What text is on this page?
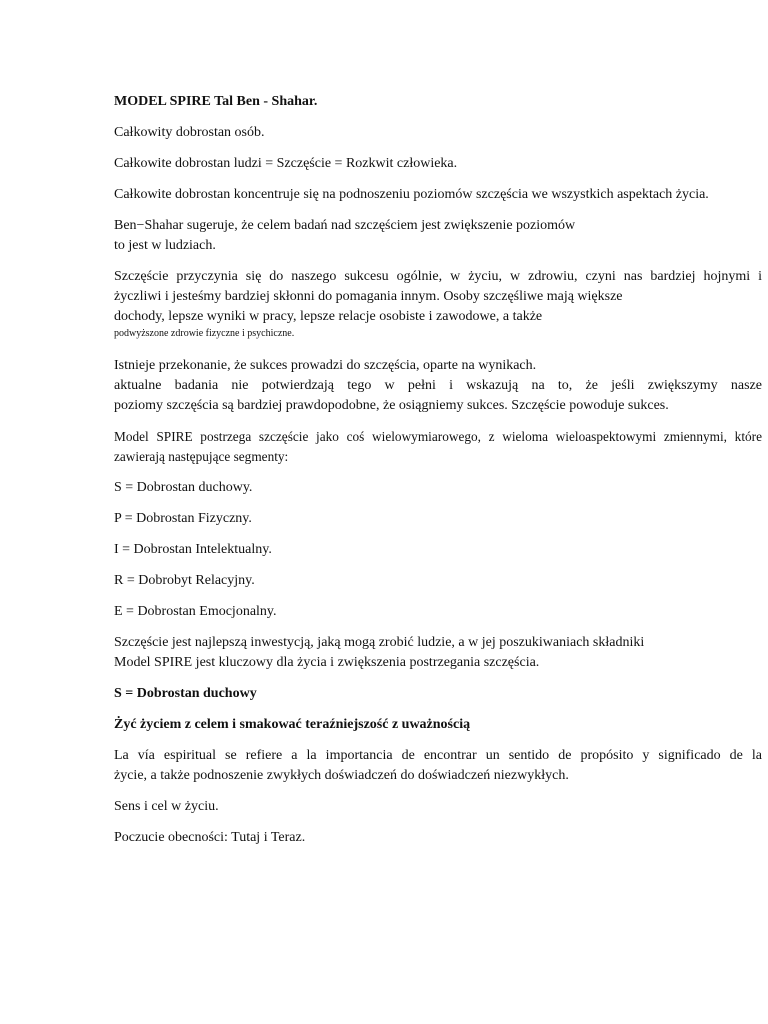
MODEL SPIRE Tal Ben - Shahar.

Całkowity dobrostan osób.

Całkowite dobrostan ludzi = Szczęście = Rozkwit człowieka.

Całkowite dobrostan koncentruje się na podnoszeniu poziomów szczęścia we wszystkich aspektach życia.

Ben−Shahar sugeruje, że celem badań nad szczęściem jest zwiększenie poziomów
to jest w ludziach.

Szczęście przyczynia się do naszego sukcesu ogólnie, w życiu, w zdrowiu, czyni nas bardziej hojnymi i
życzliwi i jesteśmy bardziej skłonni do pomagania innym. Osoby szczęśliwe mają większe
dochody, lepsze wyniki w pracy, lepsze relacje osobiste i zawodowe, a także
podwyższone zdrowie fizyczne i psychiczne.

Istnieje przekonanie, że sukces prowadzi do szczęścia, oparte na wynikach.
aktualne badania nie potwierdzają tego w pełni i wskazują na to, że jeśli zwiększymy nasze
poziomy szczęścia są bardziej prawdopodobne, że osiągniemy sukces. Szczęście powoduje sukces.

Model SPIRE postrzega szczęście jako coś wielowymiarowego, z wieloma wieloaspektowymi zmiennymi, które
zawierają następujące segmenty:

S = Dobrostan duchowy.

P = Dobrostan Fizyczny.

I = Dobrostan Intelektualny.

R = Dobrobyt Relacyjny.

E = Dobrostan Emocjonalny.

Szczęście jest najlepszą inwestycją, jaką mogą zrobić ludzie, a w jej poszukiwaniach składniki
Model SPIRE jest kluczowy dla życia i zwiększenia postrzegania szczęścia.

S = Dobrostan duchowy

Żyć życiem z celem i smakować teraźniejszość z uważnością

La vía espiritual se refiere a la importancia de encontrar un sentido de propósito y significado de la
życie, a także podnoszenie zwykłych doświadczeń do doświadczeń niezwykłych.

Sens i cel w życiu.

Poczucie obecności: Tutaj i Teraz.
